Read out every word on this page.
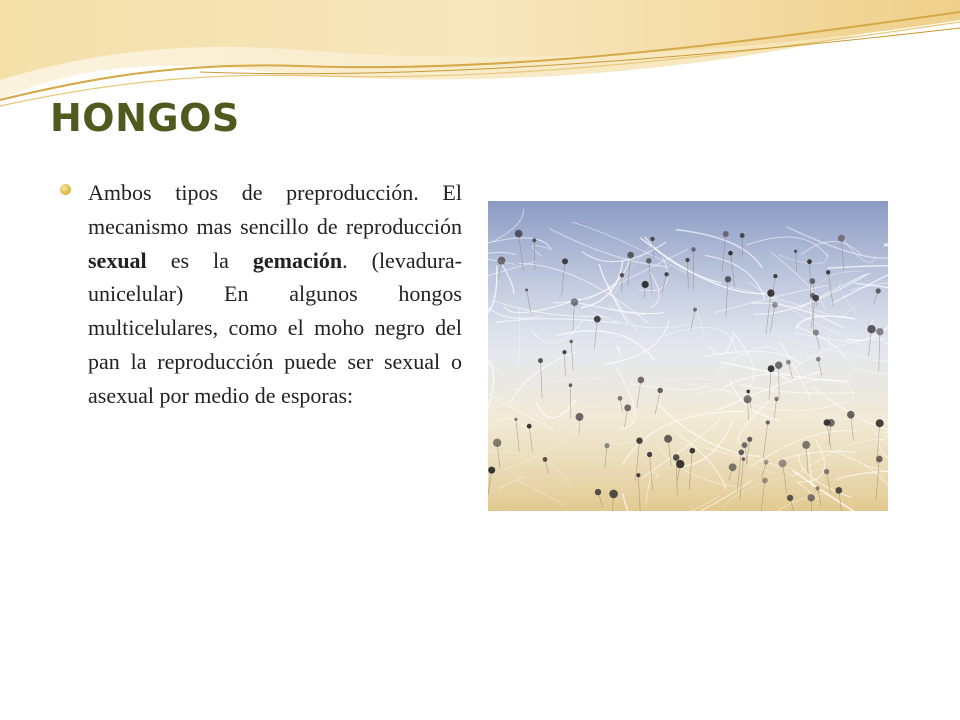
HONGOS

Ambos tipos de preproducción. El mecanismo mas sencillo de reproducción sexual es la gemación. (levadura-unicelular) En algunos hongos multicelulares, como el moho negro del pan la reproducción puede ser sexual o asexual por medio de esporas:
